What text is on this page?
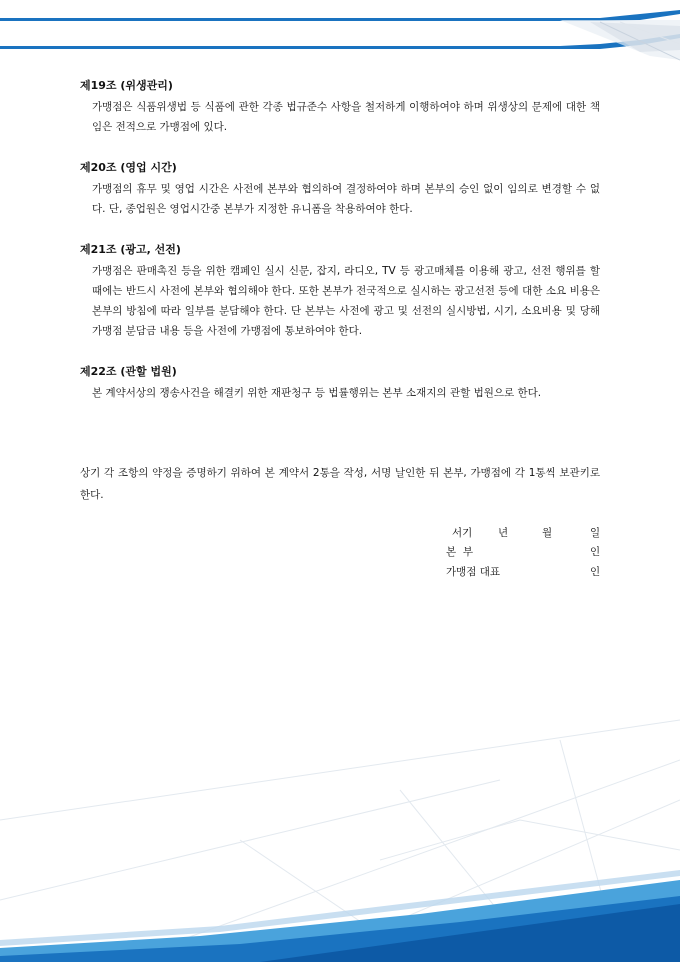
제19조 (위생관리)
가맹점은 식품위생법 등 식품에 관한 각종 법규준수 사항을 철저하게 이행하여야 하며 위생상의 문제에 대한 책임은 전적으로 가맹점에 있다.
제20조 (영업 시간)
가맹점의 휴무 및 영업 시간은 사전에 본부와 협의하여 결정하여야 하며 본부의 승인 없이 임의로 변경할 수 없다. 단, 종업원은 영업시간중 본부가 지정한 유니폼을 착용하여야 한다.
제21조 (광고, 선전)
가맹점은 판매촉진 등을 위한 캠페인 실시 신문, 잡지, 라디오, TV 등 광고매체를 이용해 광고, 선전 행위를 할 때에는 반드시 사전에 본부와 협의해야 한다. 또한 본부가 전국적으로 실시하는 광고선전 등에 대한 소요 비용은 본부의 방침에 따라 일부를 분담해야 한다. 단 본부는 사전에 광고 및 선전의 실시방법, 시기, 소요비용 및 당해 가맹점 분담금 내용 등을 사전에 가맹점에 통보하여야 한다.
제22조 (관할 법원)
본 계약서상의 쟁송사건을 해결키 위한 재판청구 등 법률행위는 본부 소재지의 관할 법원으로 한다.
상기 각 조항의 약정을 증명하기 위하여 본 계약서 2통을 작성, 서명 날인한 뒤 본부, 가맹점에 각 1통씩 보관키로 한다.
서기 년	월	일
본  부	인
가맹점 대표	인
